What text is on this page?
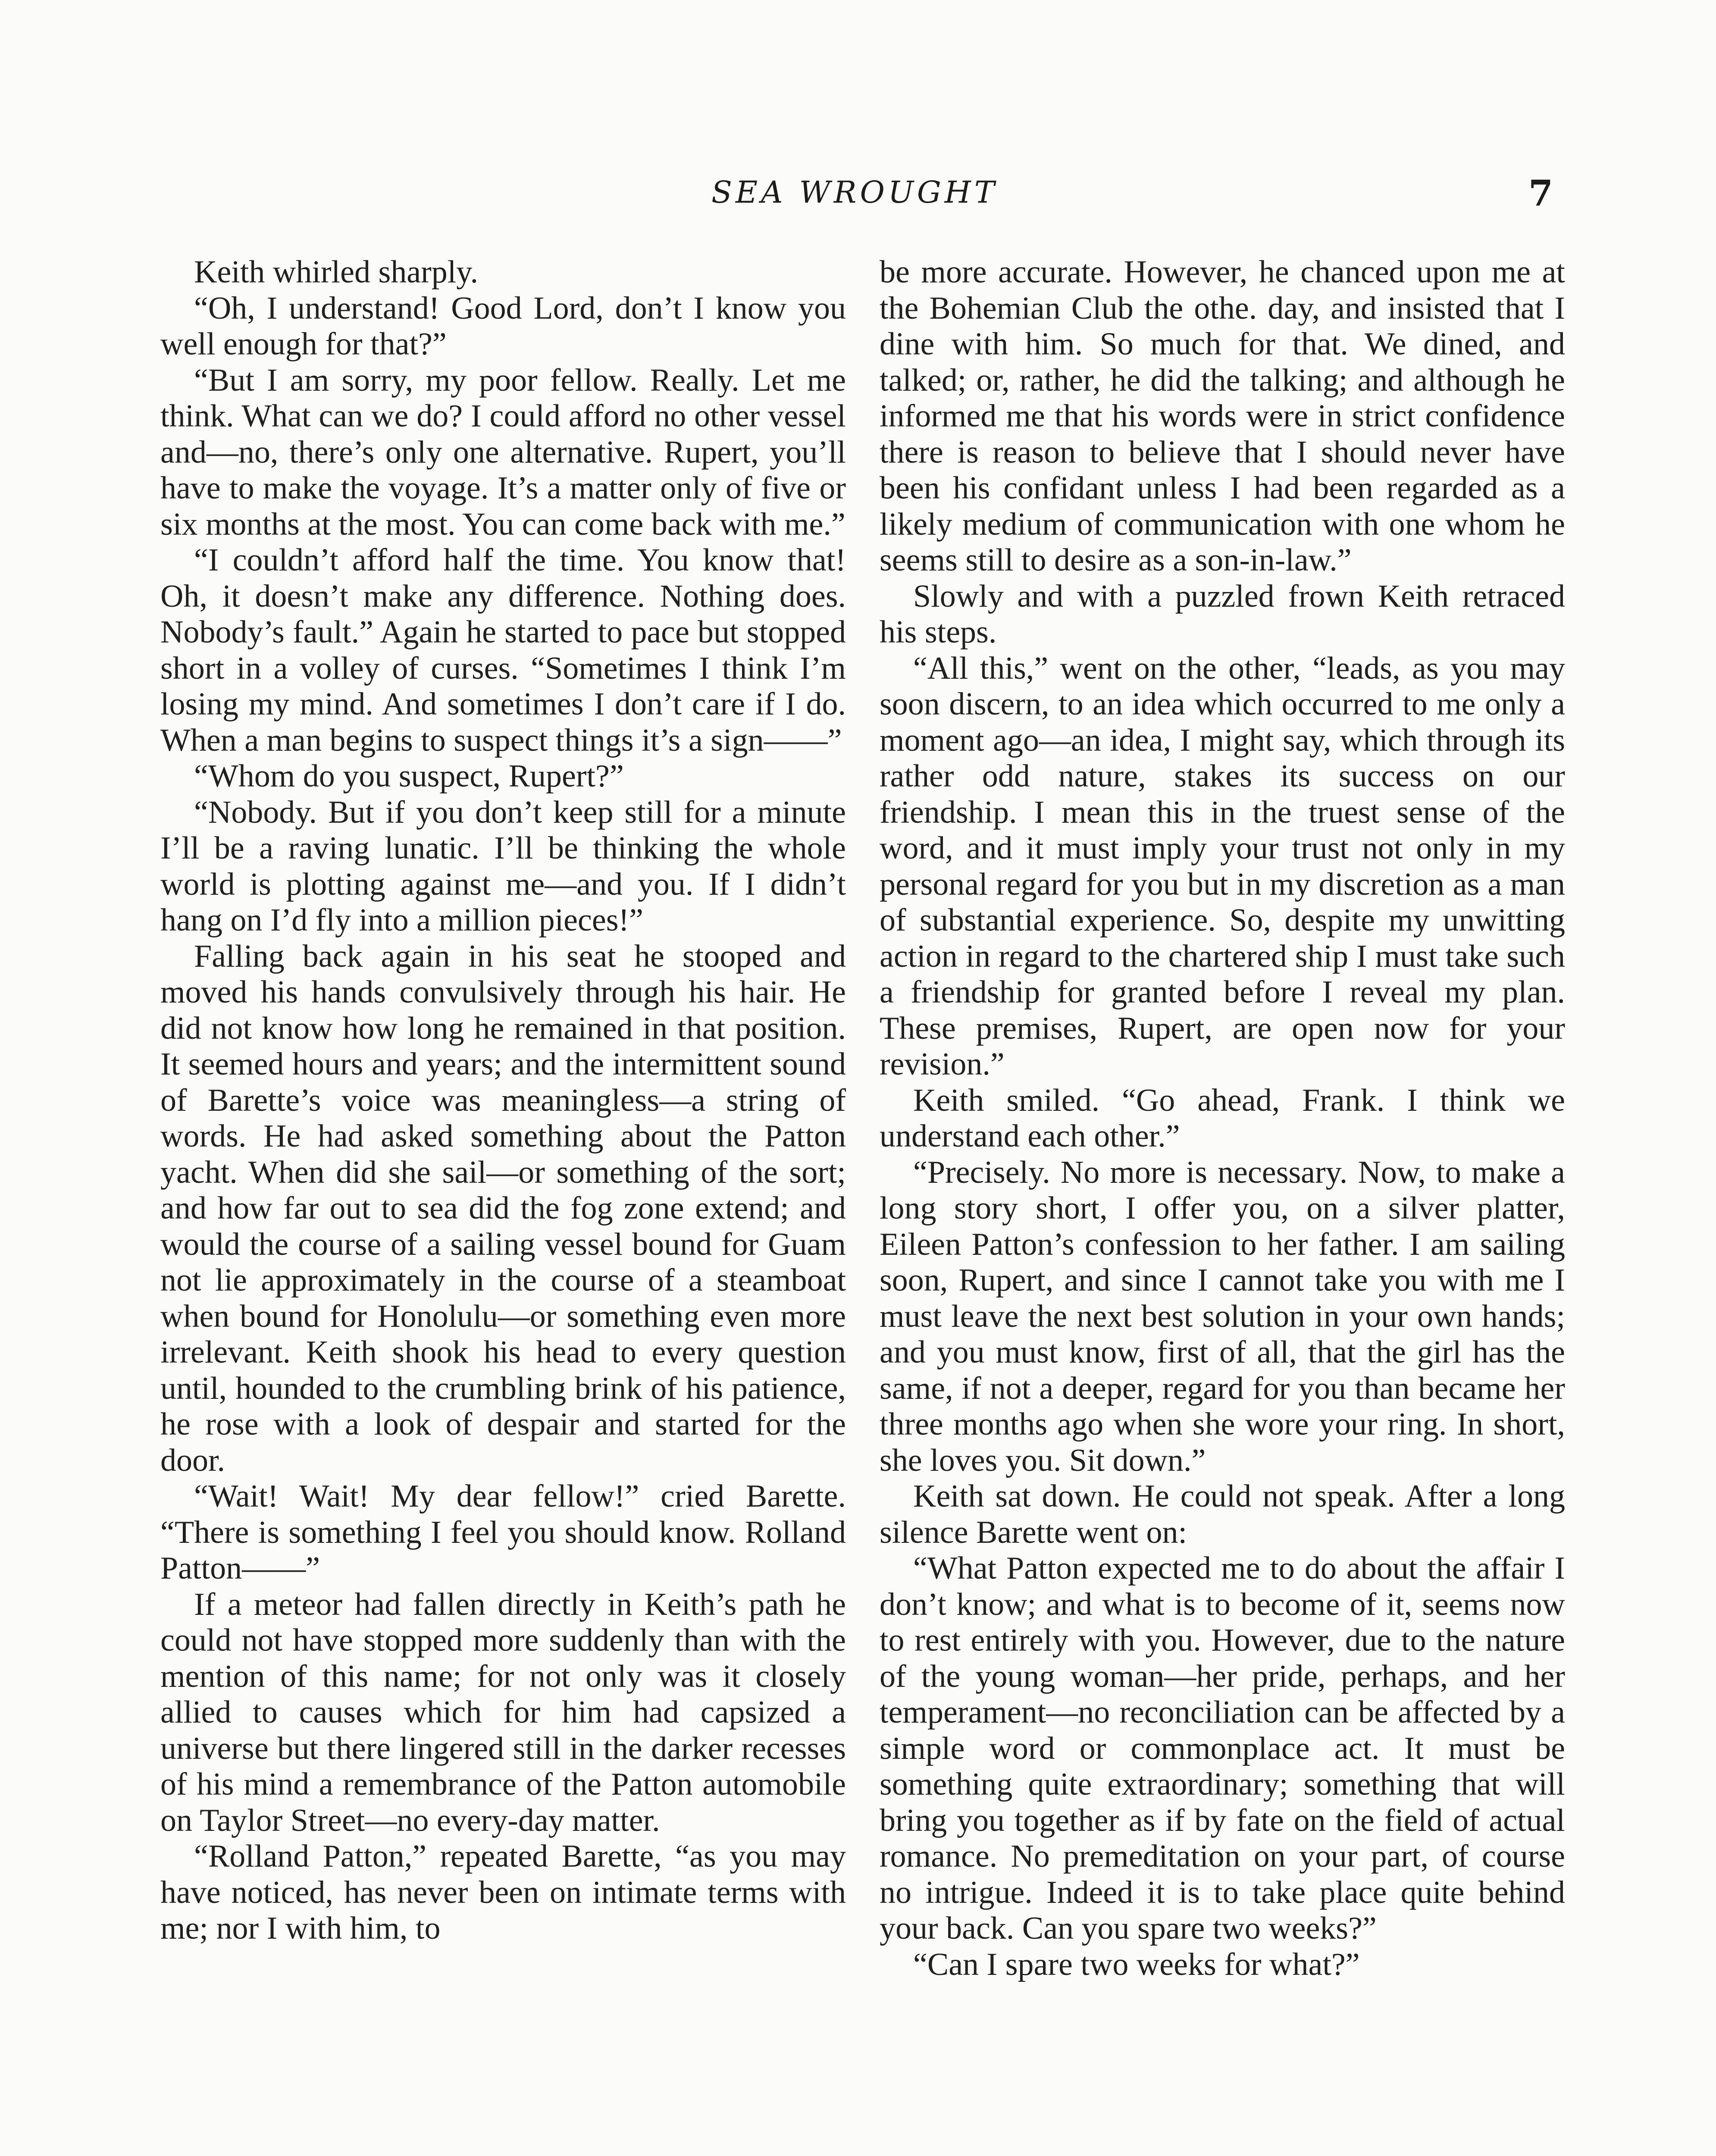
SEA WROUGHT	7

Keith whirled sharply.

“Oh, I understand! Good Lord, don’t I know you well enough for that?”

“But I am sorry, my poor fellow. Really. Let me think. What can we do? I could afford no other vessel and—no, there’s only one alternative. Rupert, you’ll have to make the voyage. It’s a matter only of five or six months at the most. You can come back with me.”

“I couldn’t afford half the time. You know that! Oh, it doesn’t make any difference. Nothing does. Nobody’s fault.” Again he started to pace but stopped short in a volley of curses. “Sometimes I think I’m losing my mind. And sometimes I don’t care if I do. When a man begins to suspect things it’s a sign——”

“Whom do you suspect, Rupert?”

“Nobody. But if you don’t keep still for a minute I’ll be a raving lunatic. I’ll be thinking the whole world is plotting against me—and you. If I didn’t hang on I’d fly into a million pieces!”

Falling back again in his seat he stooped and moved his hands convulsively through his hair. He did not know how long he remained in that position. It seemed hours and years; and the intermittent sound of Barette’s voice was meaningless—a string of words. He had asked something about the Patton yacht. When did she sail—or something of the sort; and how far out to sea did the fog zone extend; and would the course of a sailing vessel bound for Guam not lie approximately in the course of a steamboat when bound for Honolulu—or something even more irrelevant. Keith shook his head to every question until, hounded to the crumbling brink of his patience, he rose with a look of despair and started for the door.

“Wait! Wait! My dear fellow!” cried Barette. “There is something I feel you should know. Rolland Patton——”

If a meteor had fallen directly in Keith’s path he could not have stopped more suddenly than with the mention of this name; for not only was it closely allied to causes which for him had capsized a universe but there lingered still in the darker recesses of his mind a remembrance of the Patton automobile on Taylor Street—no every-day matter.

“Rolland Patton,” repeated Barette, “as you may have noticed, has never been on intimate terms with me; nor I with him, to

be more accurate. However, he chanced upon me at the Bohemian Club the othe. day, and insisted that I dine with him. So much for that. We dined, and talked; or, rather, he did the talking; and although he informed me that his words were in strict confidence there is reason to believe that I should never have been his confidant unless I had been regarded as a likely medium of communication with one whom he seems still to desire as a son-in-law.”

Slowly and with a puzzled frown Keith retraced his steps.

“All this,” went on the other, “leads, as you may soon discern, to an idea which occurred to me only a moment ago—an idea, I might say, which through its rather odd nature, stakes its success on our friendship. I mean this in the truest sense of the word, and it must imply your trust not only in my personal regard for you but in my discretion as a man of substantial experience. So, despite my unwitting action in regard to the chartered ship I must take such a friendship for granted before I reveal my plan. These premises, Rupert, are open now for your revision.”

Keith smiled. “Go ahead, Frank. I think we understand each other.”

“Precisely. No more is necessary. Now, to make a long story short, I offer you, on a silver platter, Eileen Patton’s confession to her father. I am sailing soon, Rupert, and since I cannot take you with me I must leave the next best solution in your own hands; and you must know, first of all, that the girl has the same, if not a deeper, regard for you than became her three months ago when she wore your ring. In short, she loves you. Sit down.”

Keith sat down. He could not speak. After a long silence Barette went on:

“What Patton expected me to do about the affair I don’t know; and what is to become of it, seems now to rest entirely with you. However, due to the nature of the young woman—her pride, perhaps, and her temperament—no reconciliation can be affected by a simple word or commonplace act. It must be something quite extraordinary; something that will bring you together as if by fate on the field of actual romance. No premeditation on your part, of course no intrigue. Indeed it is to take place quite behind your back. Can you spare two weeks?”

“Can I spare two weeks for what?”
